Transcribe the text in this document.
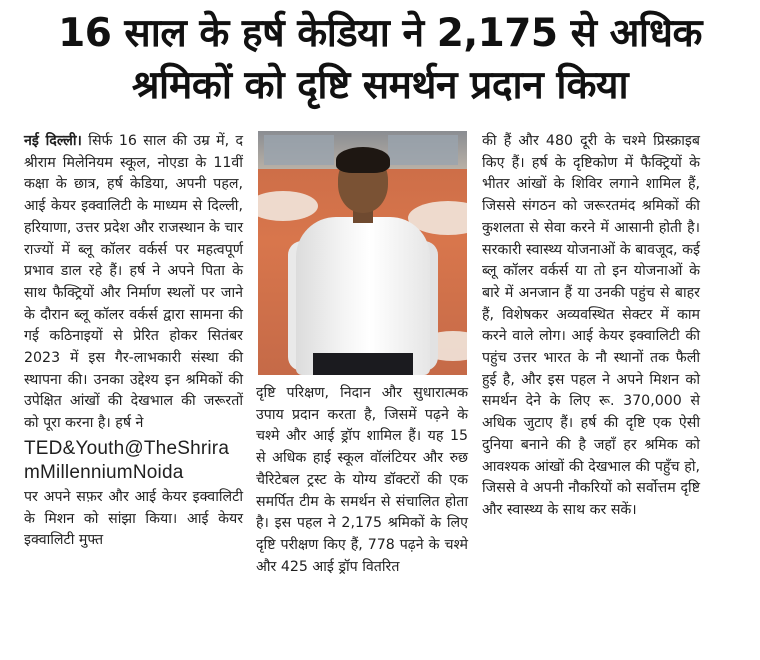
16 साल के हर्ष केडिया ने 2,175 से अधिक
श्रमिकों को दृष्टि समर्थन प्रदान किया

नई दिल्ली। सिर्फ 16 साल की उम्र में, द श्रीराम मिलेनियम स्कूल, नोएडा के 11वीं कक्षा के छात्र, हर्ष केडिया, अपनी पहल, आई केयर इक्वालिटी के माध्यम से दिल्ली, हरियाणा, उत्तर प्रदेश और राजस्थान के चार राज्यों में ब्लू कॉलर वर्कर्स पर महत्वपूर्ण प्रभाव डाल रहे हैं। हर्ष ने अपने पिता के साथ फैक्ट्रियों और निर्माण स्थलों पर जाने के दौरान ब्लू कॉलर वर्कर्स द्वारा सामना की गई कठिनाइयों से प्रेरित होकर सितंबर 2023 में इस गैर-लाभकारी संस्था की स्थापना की। उनका उद्देश्य इन श्रमिकों की उपेक्षित आंखों की देखभाल की जरूरतों को पूरा करना है। हर्ष ने

TED&Youth@TheShriramMillenniumNoida

पर अपने सफ़र और आई केयर इक्वालिटी के मिशन को सांझा किया। आई केयर इक्वालिटी मुफ्त

दृष्टि परिक्षण, निदान और सुधारात्मक उपाय प्रदान करता है, जिसमें पढ़ने के चश्मे और आई ड्रॉप शामिल हैं। यह 15 से अधिक हाई स्कूल वॉलंटियर और रुछ चैरिटेबल ट्रस्ट के योग्य डॉक्टरों की एक समर्पित टीम के समर्थन से संचालित होता है। इस पहल ने 2,175 श्रमिकों के लिए दृष्टि परीक्षण किए हैं, 778 पढ़ने के चश्मे और 425 आई ड्रॉप वितरित

की हैं और 480 दूरी के चश्मे प्रिस्क्राइब किए हैं। हर्ष के दृष्टिकोण में फैक्ट्रियों के भीतर आंखों के शिविर लगाने शामिल हैं, जिससे संगठन को जरूरतमंद श्रमिकों की कुशलता से सेवा करने में आसानी होती है। सरकारी स्वास्थ्य योजनाओं के बावजूद, कई ब्लू कॉलर वर्कर्स या तो इन योजनाओं के बारे में अनजान हैं या उनकी पहुंच से बाहर हैं, विशेषकर अव्यवस्थित सेक्टर में काम करने वाले लोग। आई केयर इक्वालिटी की पहुंच उत्तर भारत के नौ स्थानों तक फैली हुई है, और इस पहल ने अपने मिशन को समर्थन देने के लिए रू. 370,000 से अधिक जुटाए हैं। हर्ष की दृष्टि एक ऐसी दुनिया बनाने की है जहाँ हर श्रमिक को आवश्यक आंखों की देखभाल की पहुँच हो, जिससे वे अपनी नौकरियों को सर्वोत्तम दृष्टि और स्वास्थ्य के साथ कर सकें।
